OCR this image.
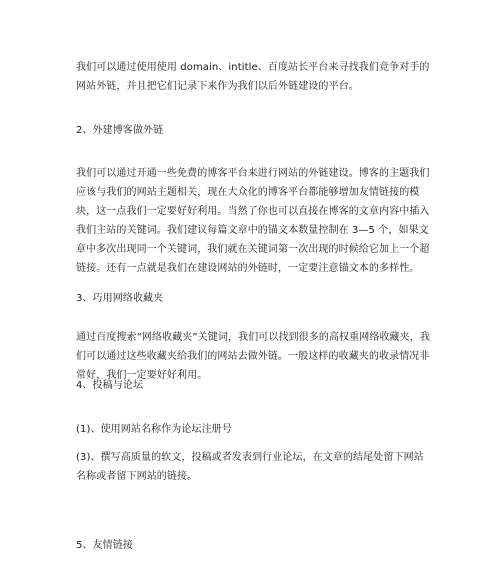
我们可以通过使用使用 domain、intitle、百度站长平台来寻找我们竞争对手的网站外链，并且把它们记录下来作为我们以后外链建设的平台。

2、外建博客做外链

我们可以通过开通一些免费的博客平台来进行网站的外链建设。博客的主题我们应该与我们的网站主题相关，现在大众化的博客平台都能够增加友情链接的模块，这一点我们一定要好好利用。当然了你也可以直接在博客的文章内容中插入我们主站的关键词。我们建议每篇文章中的锚文本数量控制在 3—5 个，如果文章中多次出现同一个关键词，我们就在关键词第一次出现的时候给它加上一个超链接。还有一点就是我们在建设网站的外链时，一定要注意锚文本的多样性。

3、巧用网络收藏夹

通过百度搜索“网络收藏夹”关键词，我们可以找到很多的高权重网络收藏夹，我们可以通过这些收藏夹给我们的网站去做外链。一般这样的收藏夹的收录情况非常好，我们一定要好好利用。

4、投稿与论坛

(1)、使用网站名称作为论坛注册号

(3)、撰写高质量的软文，投稿或者发表到行业论坛，在文章的结尾处留下网站名称或者留下网站的链接。

5、友情链接
